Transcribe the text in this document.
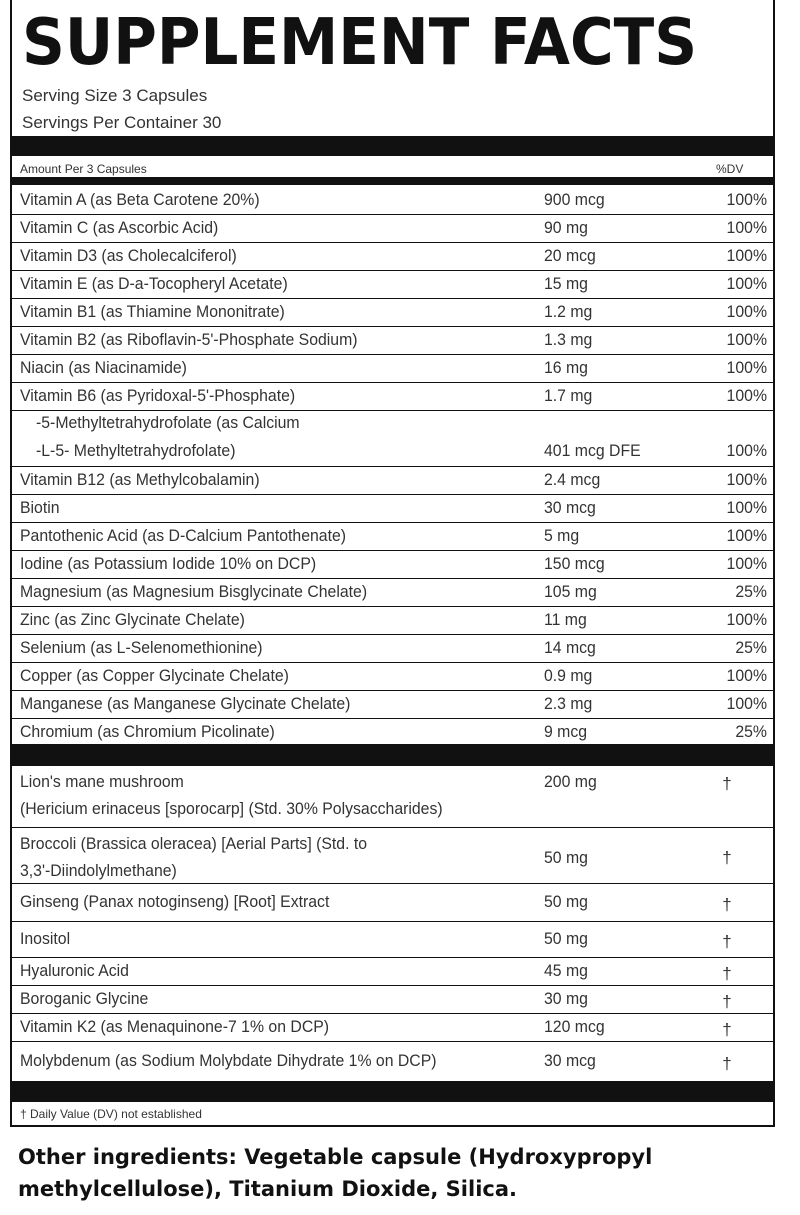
SUPPLEMENT FACTS
Serving Size 3 Capsules
Servings Per Container 30
Amount Per 3 Capsules	%DV
Vitamin A (as Beta Carotene 20%)	900 mcg	100%
Vitamin C (as Ascorbic Acid)	90 mg	100%
Vitamin D3 (as Cholecalciferol)	20 mcg	100%
Vitamin E (as D-a-Tocopheryl Acetate)	15 mg	100%
Vitamin B1 (as Thiamine Mononitrate)	1.2 mg	100%
Vitamin B2 (as Riboflavin-5'-Phosphate Sodium)	1.3 mg	100%
Niacin (as Niacinamide)	16 mg	100%
Vitamin B6 (as Pyridoxal-5'-Phosphate)	1.7 mg	100%
-5-Methyltetrahydrofolate (as Calcium
-L-5- Methyltetrahydrofolate)	401 mcg DFE	100%
Vitamin B12 (as Methylcobalamin)	2.4 mcg	100%
Biotin	30 mcg	100%
Pantothenic Acid (as D-Calcium Pantothenate)	5 mg	100%
Iodine (as Potassium Iodide 10% on DCP)	150 mcg	100%
Magnesium (as Magnesium Bisglycinate Chelate)	105 mg	25%
Zinc (as Zinc Glycinate Chelate)	11 mg	100%
Selenium (as L-Selenomethionine)	14 mcg	25%
Copper (as Copper Glycinate Chelate)	0.9 mg	100%
Manganese (as Manganese Glycinate Chelate)	2.3 mg	100%
Chromium (as Chromium Picolinate)	9 mcg	25%
Lion's mane mushroom
(Hericium erinaceus [sporocarp] (Std. 30% Polysaccharides)
200 mg	†
Broccoli (Brassica oleracea) [Aerial Parts] (Std. to
3,3'-Diindolylmethane)
50 mg	†
Ginseng (Panax notoginseng) [Root] Extract	50 mg	†
Inositol	50 mg	†
Hyaluronic Acid	45 mg	†
Boroganic Glycine	30 mg	†
Vitamin K2 (as Menaquinone-7 1% on DCP)	120 mcg	†
Molybdenum (as Sodium Molybdate Dihydrate 1% on DCP)	30 mcg	†
† Daily Value (DV) not established

Other ingredients: Vegetable capsule (Hydroxypropyl methylcellulose), Titanium Dioxide, Silica.
